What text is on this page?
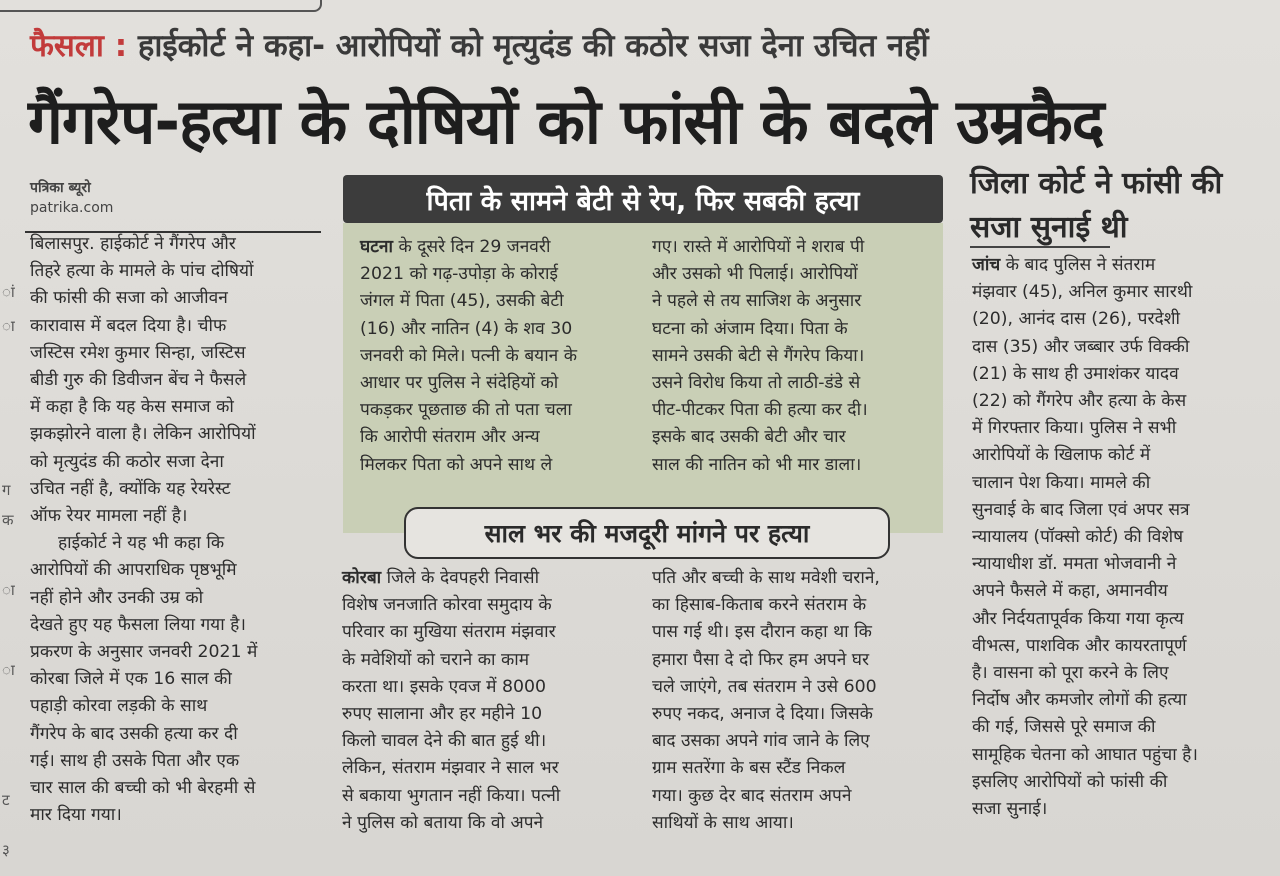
फैसला : हाईकोर्ट ने कहा- आरोपियों को मृत्युदंड की कठोर सजा देना उचित नहीं
गैंगरेप-हत्या के दोषियों को फांसी के बदले उम्रकैद
पत्रिका ब्यूरो
patrika.com
ां
ा
ग
क
ा
ा
ट
३
बिलासपुर. हाईकोर्ट ने गैंगरेप और
तिहरे हत्या के मामले के पांच दोषियों
की फांसी की सजा को आजीवन
कारावास में बदल दिया है। चीफ
जस्टिस रमेश कुमार सिन्हा, जस्टिस
बीडी गुरु की डिवीजन बेंच ने फैसले
में कहा है कि यह केस समाज को
झकझोरने वाला है। लेकिन आरोपियों
को मृत्युदंड की कठोर सजा देना
उचित नहीं है, क्योंकि यह रेयरेस्ट
ऑफ रेयर मामला नहीं है।
हाईकोर्ट ने यह भी कहा कि
आरोपियों की आपराधिक पृष्ठभूमि
नहीं होने और उनकी उम्र को
देखते हुए यह फैसला लिया गया है।
प्रकरण के अनुसार जनवरी 2021 में
कोरबा जिले में एक 16 साल की
पहाड़ी कोरवा लड़की के साथ
गैंगरेप के बाद उसकी हत्या कर दी
गई। साथ ही उसके पिता और एक
चार साल की बच्ची को भी बेरहमी से
मार दिया गया।
पिता के सामने बेटी से रेप, फिर सबकी हत्या
घटना के दूसरे दिन 29 जनवरी
2021 को गढ़-उपोड़ा के कोराई
जंगल में पिता (45), उसकी बेटी
(16) और नातिन (4) के शव 30
जनवरी को मिले। पत्नी के बयान के
आधार पर पुलिस ने संदेहियों को
पकड़कर पूछताछ की तो पता चला
कि आरोपी संतराम और अन्य
मिलकर पिता को अपने साथ ले
गए। रास्ते में आरोपियों ने शराब पी
और उसको भी पिलाई। आरोपियों
ने पहले से तय साजिश के अनुसार
घटना को अंजाम दिया। पिता के
सामने उसकी बेटी से गैंगरेप किया।
उसने विरोध किया तो लाठी-डंडे से
पीट-पीटकर पिता की हत्या कर दी।
इसके बाद उसकी बेटी और चार
साल की नातिन को भी मार डाला।
साल भर की मजदूरी मांगने पर हत्या
कोरबा जिले के देवपहरी निवासी
विशेष जनजाति कोरवा समुदाय के
परिवार का मुखिया संतराम मंझवार
के मवेशियों को चराने का काम
करता था। इसके एवज में 8000
रुपए सालाना और हर महीने 10
किलो चावल देने की बात हुई थी।
लेकिन, संतराम मंझवार ने साल भर
से बकाया भुगतान नहीं किया। पत्नी
ने पुलिस को बताया कि वो अपने
पति और बच्ची के साथ मवेशी चराने,
का हिसाब-किताब करने संतराम के
पास गई थी। इस दौरान कहा था कि
हमारा पैसा दे दो फिर हम अपने घर
चले जाएंगे, तब संतराम ने उसे 600
रुपए नकद, अनाज दे दिया। जिसके
बाद उसका अपने गांव जाने के लिए
ग्राम सतरेंगा के बस स्टैंड निकल
गया। कुछ देर बाद संतराम अपने
साथियों के साथ आया।
जिला कोर्ट ने फांसी की सजा सुनाई थी
जांच के बाद पुलिस ने संतराम
मंझवार (45), अनिल कुमार सारथी
(20), आनंद दास (26), परदेशी
दास (35) और जब्बार उर्फ विक्की
(21) के साथ ही उमाशंकर यादव
(22) को गैंगरेप और हत्या के केस
में गिरफ्तार किया। पुलिस ने सभी
आरोपियों के खिलाफ कोर्ट में
चालान पेश किया। मामले की
सुनवाई के बाद जिला एवं अपर सत्र
न्यायालय (पॉक्सो कोर्ट) की विशेष
न्यायाधीश डॉ. ममता भोजवानी ने
अपने फैसले में कहा, अमानवीय
और निर्दयतापूर्वक किया गया कृत्य
वीभत्स, पाशविक और कायरतापूर्ण
है। वासना को पूरा करने के लिए
निर्दोष और कमजोर लोगों की हत्या
की गई, जिससे पूरे समाज की
सामूहिक चेतना को आघात पहुंचा है।
इसलिए आरोपियों को फांसी की
सजा सुनाई।
